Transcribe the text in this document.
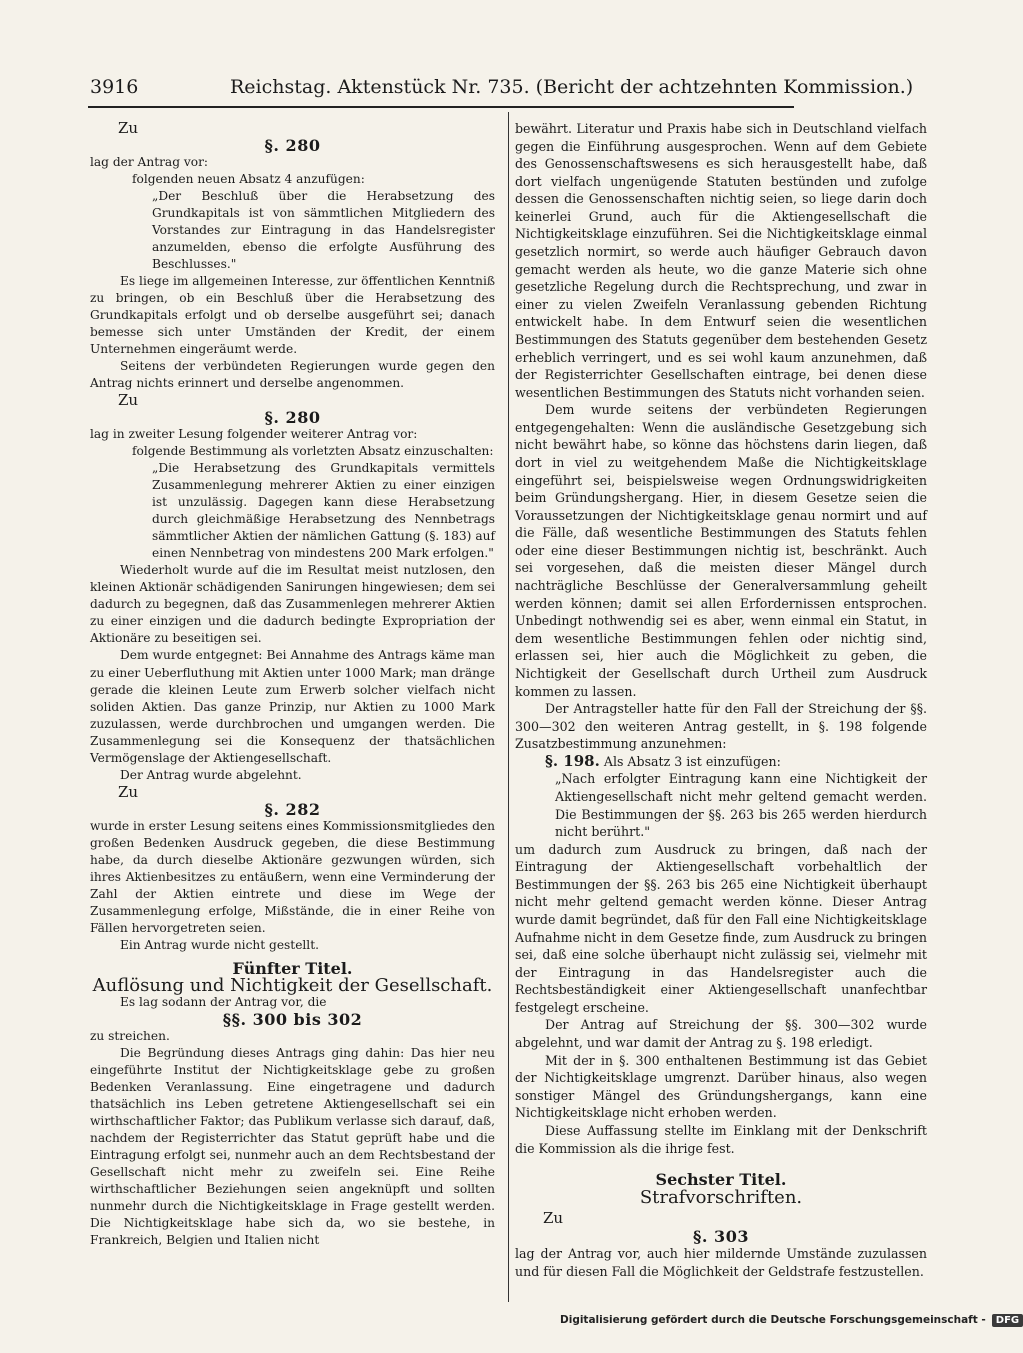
3916	Reichstag. Aktenstück Nr. 735. (Bericht der achtzehnten Kommission.)

Zu

§. 280

lag der Antrag vor:

folgenden neuen Absatz 4 anzufügen:

„Der Beschluß über die Herabsetzung des Grundkapitals ist von sämmtlichen Mitgliedern des Vorstandes zur Eintragung in das Handelsregister anzumelden, ebenso die erfolgte Ausführung des Beschlusses."

Es liege im allgemeinen Interesse, zur öffentlichen Kenntniß zu bringen, ob ein Beschluß über die Herabsetzung des Grundkapitals erfolgt und ob derselbe ausgeführt sei; danach bemesse sich unter Umständen der Kredit, der einem Unternehmen eingeräumt werde.

Seitens der verbündeten Regierungen wurde gegen den Antrag nichts erinnert und derselbe angenommen.

Zu

§. 280

lag in zweiter Lesung folgender weiterer Antrag vor:

folgende Bestimmung als vorletzten Absatz einzuschalten:

„Die Herabsetzung des Grundkapitals vermittels Zusammenlegung mehrerer Aktien zu einer einzigen ist unzulässig. Dagegen kann diese Herabsetzung durch gleichmäßige Herabsetzung des Nennbetrags sämmtlicher Aktien der nämlichen Gattung (§. 183) auf einen Nennbetrag von mindestens 200 Mark erfolgen."

Wiederholt wurde auf die im Resultat meist nutzlosen, den kleinen Aktionär schädigenden Sanirungen hingewiesen; dem sei dadurch zu begegnen, daß das Zusammenlegen mehrerer Aktien zu einer einzigen und die dadurch bedingte Expropriation der Aktionäre zu beseitigen sei.

Dem wurde entgegnet: Bei Annahme des Antrags käme man zu einer Ueberfluthung mit Aktien unter 1000 Mark; man dränge gerade die kleinen Leute zum Erwerb solcher vielfach nicht soliden Aktien. Das ganze Prinzip, nur Aktien zu 1000 Mark zuzulassen, werde durchbrochen und umgangen werden. Die Zusammenlegung sei die Konsequenz der thatsächlichen Vermögenslage der Aktiengesellschaft.

Der Antrag wurde abgelehnt.

Zu

§. 282

wurde in erster Lesung seitens eines Kommissionsmitgliedes den großen Bedenken Ausdruck gegeben, die diese Bestimmung habe, da durch dieselbe Aktionäre gezwungen würden, sich ihres Aktienbesitzes zu entäußern, wenn eine Verminderung der Zahl der Aktien eintrete und diese im Wege der Zusammenlegung erfolge, Mißstände, die in einer Reihe von Fällen hervorgetreten seien.

Ein Antrag wurde nicht gestellt.

Fünfter Titel.

Auflösung und Nichtigkeit der Gesellschaft.

Es lag sodann der Antrag vor, die

§§. 300 bis 302

zu streichen.

Die Begründung dieses Antrags ging dahin: Das hier neu eingeführte Institut der Nichtigkeitsklage gebe zu großen Bedenken Veranlassung. Eine eingetragene und dadurch thatsächlich ins Leben getretene Aktiengesellschaft sei ein wirthschaftlicher Faktor; das Publikum verlasse sich darauf, daß, nachdem der Registerrichter das Statut geprüft habe und die Eintragung erfolgt sei, nunmehr auch an dem Rechtsbestand der Gesellschaft nicht mehr zu zweifeln sei. Eine Reihe wirthschaftlicher Beziehungen seien angeknüpft und sollten nunmehr durch die Nichtigkeitsklage in Frage gestellt werden. Die Nichtigkeitsklage habe sich da, wo sie bestehe, in Frankreich, Belgien und Italien nicht

bewährt. Literatur und Praxis habe sich in Deutschland vielfach gegen die Einführung ausgesprochen. Wenn auf dem Gebiete des Genossenschaftswesens es sich herausgestellt habe, daß dort vielfach ungenügende Statuten bestünden und zufolge dessen die Genossenschaften nichtig seien, so liege darin doch keinerlei Grund, auch für die Aktiengesellschaft die Nichtigkeitsklage einzuführen. Sei die Nichtigkeitsklage einmal gesetzlich normirt, so werde auch häufiger Gebrauch davon gemacht werden als heute, wo die ganze Materie sich ohne gesetzliche Regelung durch die Rechtsprechung, und zwar in einer zu vielen Zweifeln Veranlassung gebenden Richtung entwickelt habe. In dem Entwurf seien die wesentlichen Bestimmungen des Statuts gegenüber dem bestehenden Gesetz erheblich verringert, und es sei wohl kaum anzunehmen, daß der Registerrichter Gesellschaften eintrage, bei denen diese wesentlichen Bestimmungen des Statuts nicht vorhanden seien.

Dem wurde seitens der verbündeten Regierungen entgegengehalten: Wenn die ausländische Gesetzgebung sich nicht bewährt habe, so könne das höchstens darin liegen, daß dort in viel zu weitgehendem Maße die Nichtigkeitsklage eingeführt sei, beispielsweise wegen Ordnungswidrigkeiten beim Gründungshergang. Hier, in diesem Gesetze seien die Voraussetzungen der Nichtigkeitsklage genau normirt und auf die Fälle, daß wesentliche Bestimmungen des Statuts fehlen oder eine dieser Bestimmungen nichtig ist, beschränkt. Auch sei vorgesehen, daß die meisten dieser Mängel durch nachträgliche Beschlüsse der Generalversammlung geheilt werden können; damit sei allen Erfordernissen entsprochen. Unbedingt nothwendig sei es aber, wenn einmal ein Statut, in dem wesentliche Bestimmungen fehlen oder nichtig sind, erlassen sei, hier auch die Möglichkeit zu geben, die Nichtigkeit der Gesellschaft durch Urtheil zum Ausdruck kommen zu lassen.

Der Antragsteller hatte für den Fall der Streichung der §§. 300—302 den weiteren Antrag gestellt, in §. 198 folgende Zusatzbestimmung anzunehmen:

§. 198. Als Absatz 3 ist einzufügen:

„Nach erfolgter Eintragung kann eine Nichtigkeit der Aktiengesellschaft nicht mehr geltend gemacht werden. Die Bestimmungen der §§. 263 bis 265 werden hierdurch nicht berührt."

um dadurch zum Ausdruck zu bringen, daß nach der Eintragung der Aktiengesellschaft vorbehaltlich der Bestimmungen der §§. 263 bis 265 eine Nichtigkeit überhaupt nicht mehr geltend gemacht werden könne. Dieser Antrag wurde damit begründet, daß für den Fall eine Nichtigkeitsklage Aufnahme nicht in dem Gesetze finde, zum Ausdruck zu bringen sei, daß eine solche überhaupt nicht zulässig sei, vielmehr mit der Eintragung in das Handelsregister auch die Rechtsbeständigkeit einer Aktiengesellschaft unanfechtbar festgelegt erscheine.

Der Antrag auf Streichung der §§. 300—302 wurde abgelehnt, und war damit der Antrag zu §. 198 erledigt.

Mit der in §. 300 enthaltenen Bestimmung ist das Gebiet der Nichtigkeitsklage umgrenzt. Darüber hinaus, also wegen sonstiger Mängel des Gründungshergangs, kann eine Nichtigkeitsklage nicht erhoben werden.

Diese Auffassung stellte im Einklang mit der Denkschrift die Kommission als die ihrige fest.

Sechster Titel.

Strafvorschriften.

Zu

§. 303

lag der Antrag vor, auch hier mildernde Umstände zuzulassen und für diesen Fall die Möglichkeit der Geldstrafe festzustellen.

Digitalisierung gefördert durch die Deutsche Forschungsgemeinschaft - DFG
